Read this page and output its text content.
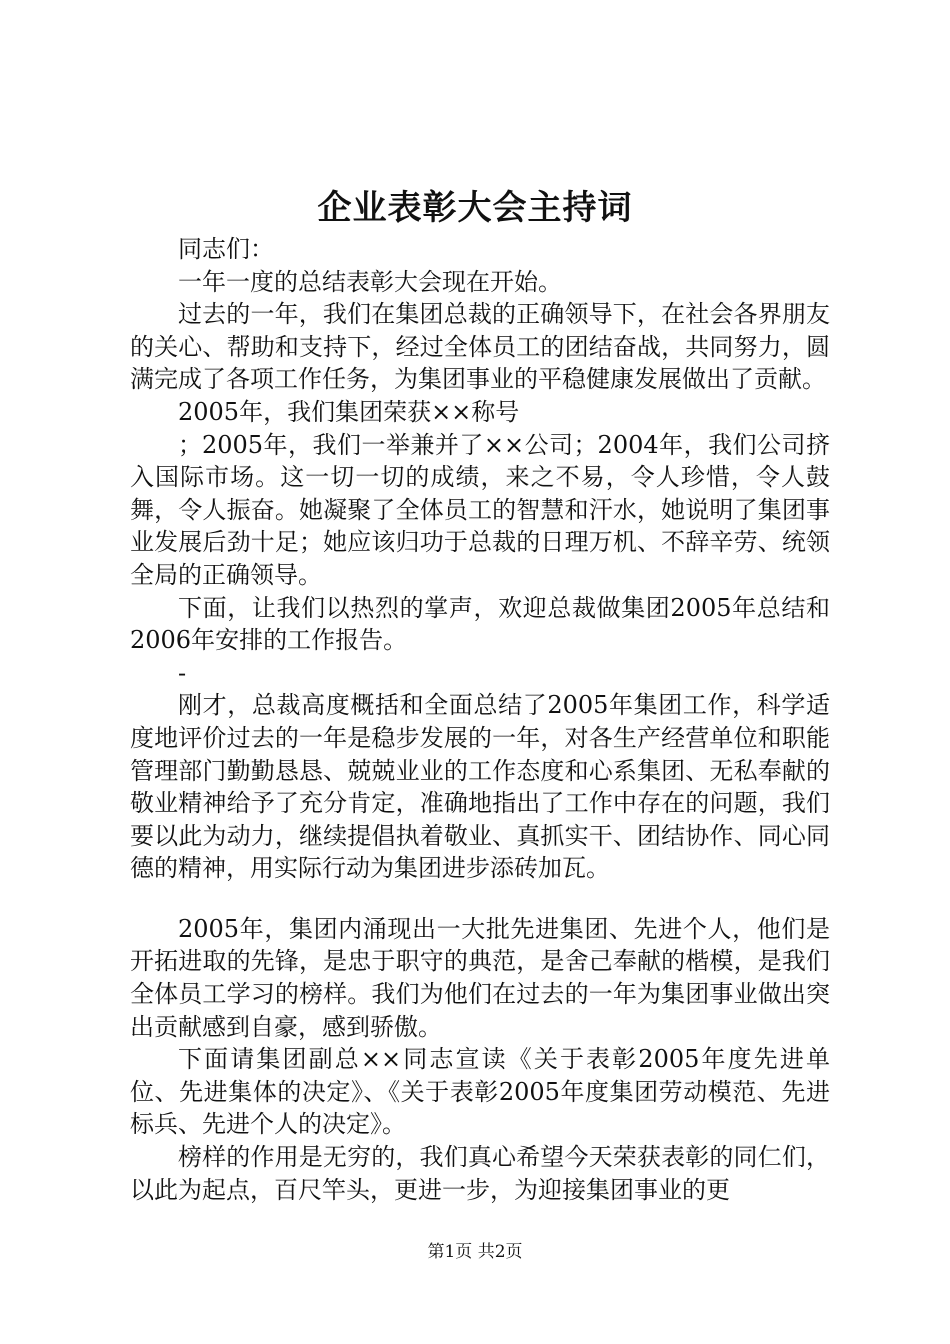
企业表彰大会主持词

同志们：

一年一度的总结表彰大会现在开始。

过去的一年，我们在集团总裁的正确领导下，在社会各界朋友的关心、帮助和支持下，经过全体员工的团结奋战，共同努力，圆满完成了各项工作任务，为集团事业的平稳健康发展做出了贡献。

2005年，我们集团荣获××称号

；2005年，我们一举兼并了××公司；2004年，我们公司挤入国际市场。这一切一切的成绩，来之不易，令人珍惜，令人鼓舞，令人振奋。她凝聚了全体员工的智慧和汗水，她说明了集团事业发展后劲十足；她应该归功于总裁的日理万机、不辞辛劳、统领全局的正确领导。

下面，让我们以热烈的掌声，欢迎总裁做集团2005年总结和2006年安排的工作报告。

-

刚才，总裁高度概括和全面总结了2005年集团工作，科学适度地评价过去的一年是稳步发展的一年，对各生产经营单位和职能管理部门勤勤恳恳、兢兢业业的工作态度和心系集团、无私奉献的敬业精神给予了充分肯定，准确地指出了工作中存在的问题，我们要以此为动力，继续提倡执着敬业、真抓实干、团结协作、同心同德的精神，用实际行动为集团进步添砖加瓦。

2005年，集团内涌现出一大批先进集团、先进个人，他们是开拓进取的先锋，是忠于职守的典范，是舍己奉献的楷模，是我们全体员工学习的榜样。我们为他们在过去的一年为集团事业做出突出贡献感到自豪，感到骄傲。

下面请集团副总××同志宣读《关于表彰2005年度先进单位、先进集体的决定》、《关于表彰2005年度集团劳动模范、先进标兵、先进个人的决定》。

榜样的作用是无穷的，我们真心希望今天荣获表彰的同仁们，以此为起点，百尺竿头，更进一步，为迎接集团事业的更

第1页 共2页
